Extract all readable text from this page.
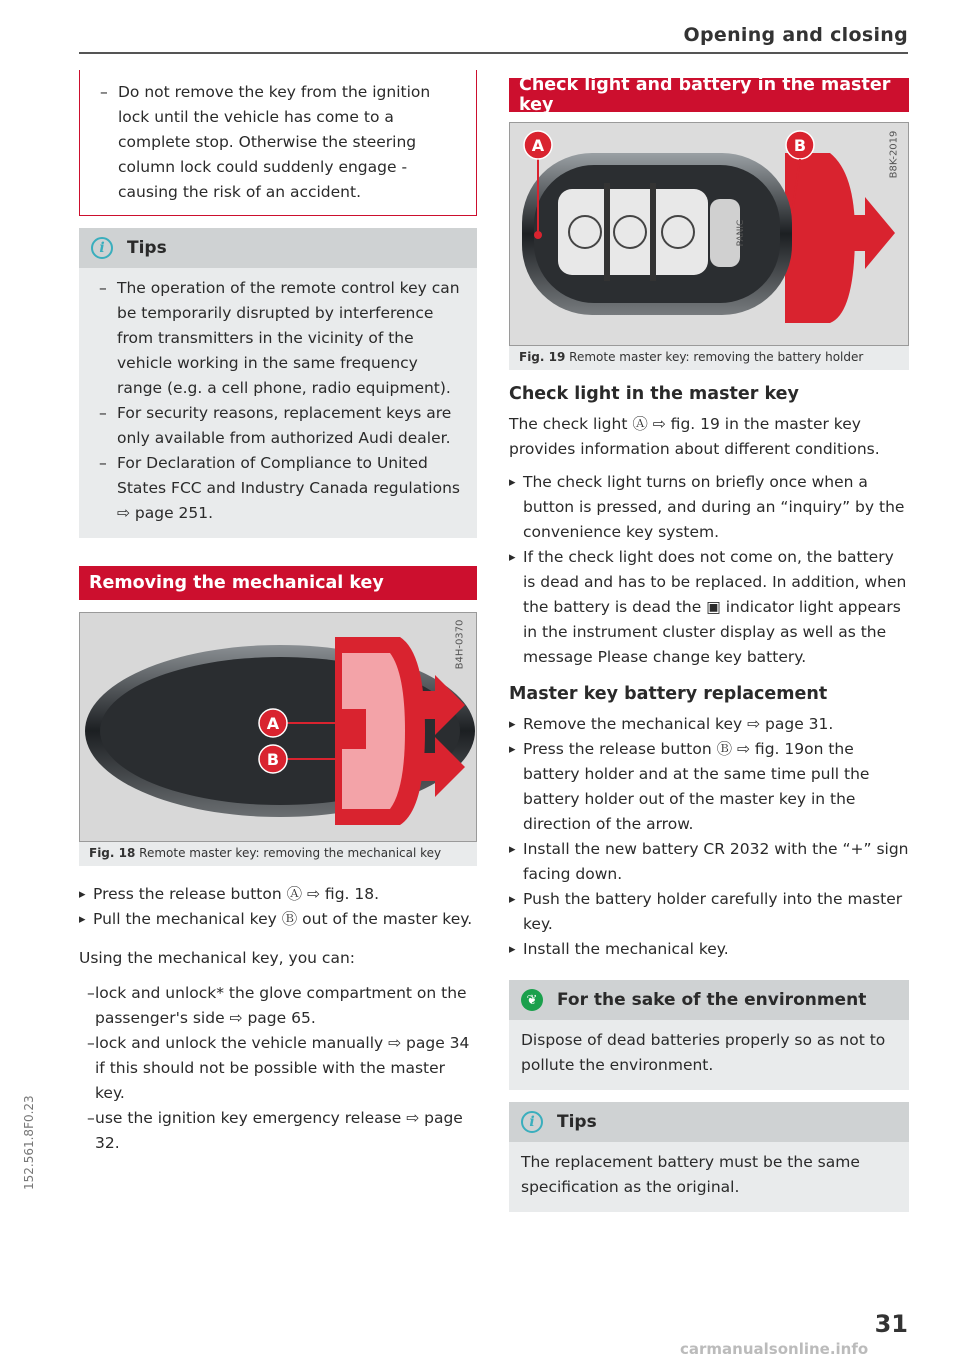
Opening and closing
– Do not remove the key from the ignition lock until the vehicle has come to a complete stop. Otherwise the steering column lock could suddenly engage - causing the risk of an accident.
i	Tips
– The operation of the remote control key can be temporarily disrupted by interference from transmitters in the vicinity of the vehicle working in the same frequency range (e.g. a cell phone, radio equipment).
– For security reasons, replacement keys are only available from authorized Audi dealer.
– For Declaration of Compliance to United States FCC and Industry Canada regulations ⇨ page 251.
Removing the mechanical key
A
B
B4H-0370
Fig. 18 Remote master key: removing the mechanical key
▸ Press the release button Ⓐ ⇨ fig. 18.
▸ Pull the mechanical key Ⓑ out of the master key.
Using the mechanical key, you can:
– lock and unlock* the glove compartment on the passenger's side ⇨ page 65.
– lock and unlock the vehicle manually ⇨ page 34 if this should not be possible with the master key.
– use the ignition key emergency release ⇨ page 32.
Check light and battery in the master key
A	B
PANIC
B8K-2019
Fig. 19 Remote master key: removing the battery holder
Check light in the master key
The check light Ⓐ ⇨ fig. 19 in the master key provides information about different conditions.
▸ The check light turns on briefly once when a button is pressed, and during an “inquiry” by the convenience key system.
▸ If the check light does not come on, the battery is dead and has to be replaced. In addition, when the battery is dead the ▣ indicator light appears in the instrument cluster display as well as the message Please change key battery.
Master key battery replacement
▸ Remove the mechanical key ⇨ page 31.
▸ Press the release button Ⓑ ⇨ fig. 19on the battery holder and at the same time pull the battery holder out of the master key in the direction of the arrow.
▸ Install the new battery CR 2032 with the “+” sign facing down.
▸ Push the battery holder carefully into the master key.
▸ Install the mechanical key.
❦	For the sake of the environment
Dispose of dead batteries properly so as not to pollute the environment.
i	Tips
The replacement battery must be the same specification as the original.
152.561.8F0.23
31
carmanualsonline.info
